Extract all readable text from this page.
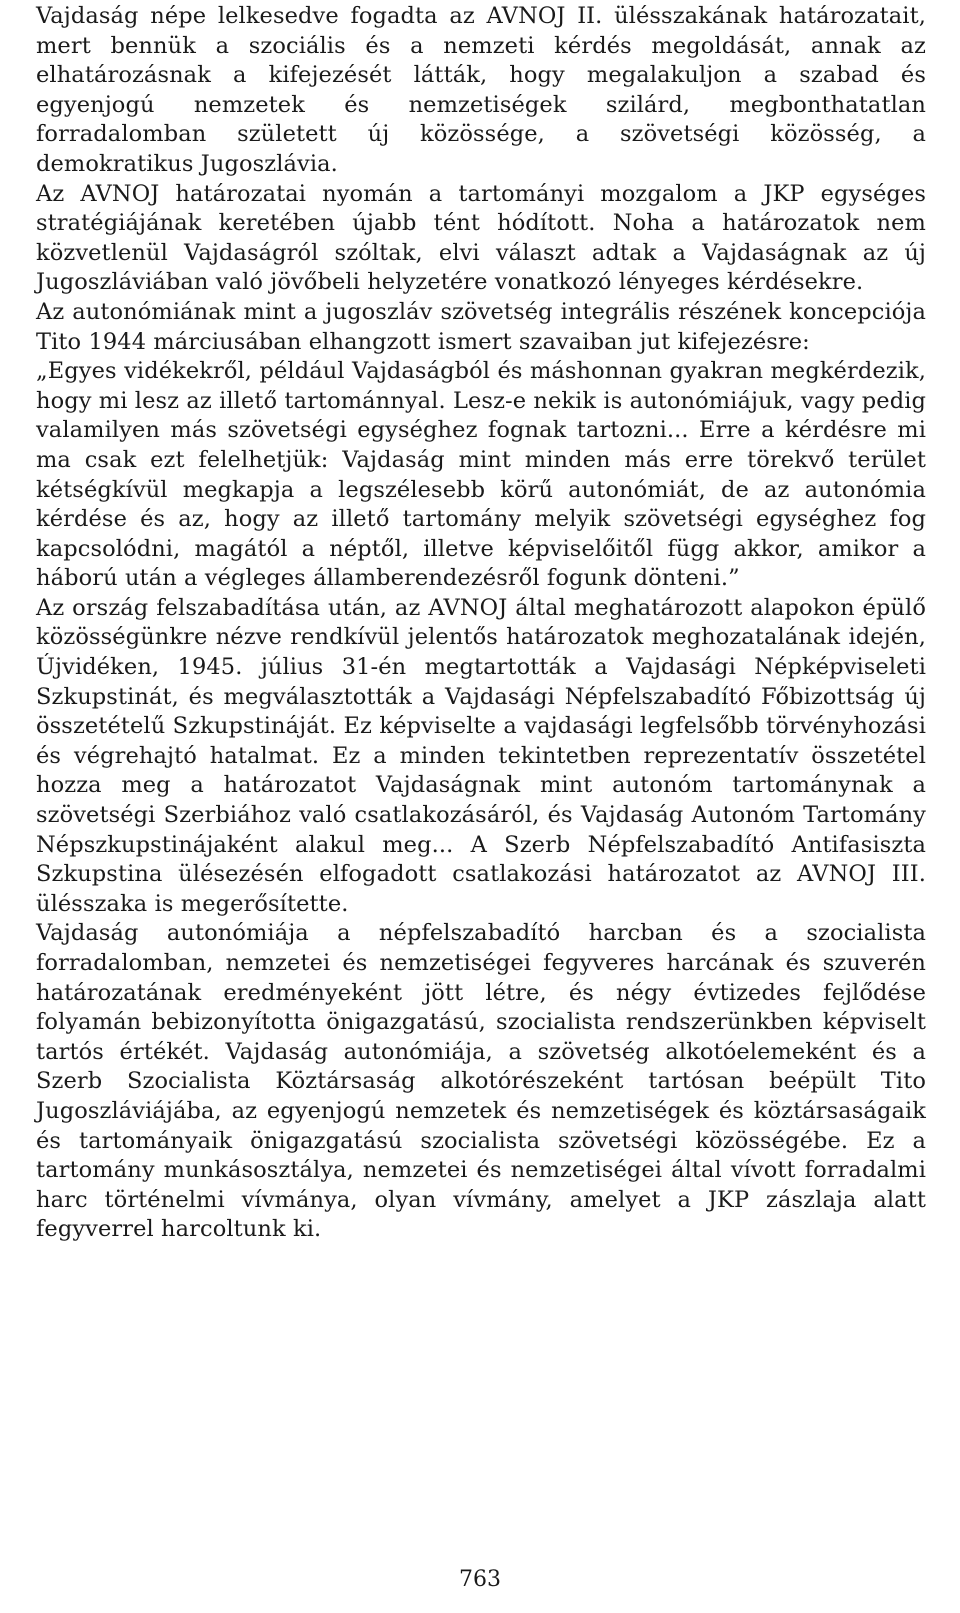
Vajdaság népe lelkesedve fogadta az AVNOJ II. ülésszakának határozatait, mert bennük a szociális és a nemzeti kérdés megoldását, annak az elhatározásnak a kifejezését látták, hogy megalakuljon a szabad és egyenjogú nemzetek és nemzetiségek szilárd, megbonthatatlan forradalomban született új közössége, a szövetségi közösség, a demokratikus Jugoszlávia.

Az AVNOJ határozatai nyomán a tartományi mozgalom a JKP egységes stratégiájának keretében újabb tént hódított. Noha a határozatok nem közvetlenül Vajdaságról szóltak, elvi választ adtak a Vajdaságnak az új Jugoszláviában való jövőbeli helyzetére vonatkozó lényeges kérdésekre.

Az autonómiának mint a jugoszláv szövetség integrális részének koncepciója Tito 1944 márciusában elhangzott ismert szavaiban jut kifejezésre:

„Egyes vidékekről, például Vajdaságból és máshonnan gyakran megkérdezik, hogy mi lesz az illető tartománnyal. Lesz-e nekik is autonómiájuk, vagy pedig valamilyen más szövetségi egységhez fognak tartozni... Erre a kérdésre mi ma csak ezt felelhetjük: Vajdaság mint minden más erre törekvő terület kétségkívül megkapja a legszélesebb körű autonómiát, de az autonómia kérdése és az, hogy az illető tartomány melyik szövetségi egységhez fog kapcsolódni, magától a néptől, illetve képviselőitől függ akkor, amikor a háború után a végleges államberendezésről fogunk dönteni.”

Az ország felszabadítása után, az AVNOJ által meghatározott alapokon épülő közösségünkre nézve rendkívül jelentős határozatok meghozatalának idején, Újvidéken, 1945. július 31-én megtartották a Vajdasági Népképviseleti Szkupstinát, és megválasztották a Vajdasági Népfelszabadító Főbizottság új összetételű Szkupstináját. Ez képviselte a vajdasági legfelsőbb törvényhozási és végrehajtó hatalmat. Ez a minden tekintetben reprezentatív összetétel hozza meg a határozatot Vajdaságnak mint autonóm tartománynak a szövetségi Szerbiához való csatlakozásáról, és Vajdaság Autonóm Tartomány Népszkupstinájaként alakul meg... A Szerb Népfelszabadító Antifasiszta Szkupstina ülésezésén elfogadott csatlakozási határozatot az AVNOJ III. ülésszaka is megerősítette.

Vajdaság autonómiája a népfelszabadító harcban és a szocialista forradalomban, nemzetei és nemzetiségei fegyveres harcának és szuverén határozatának eredményeként jött létre, és négy évtizedes fejlődése folyamán bebizonyította önigazgatású, szocialista rendszerünkben képviselt tartós értékét. Vajdaság autonómiája, a szövetség alkotóelemeként és a Szerb Szocialista Köztársaság alkotórészeként tartósan beépült Tito Jugoszláviájába, az egyenjogú nemzetek és nemzetiségek és köztársaságaik és tartományaik önigazgatású szocialista szövetségi közösségébe. Ez a tartomány munkásosztálya, nemzetei és nemzetiségei által vívott forradalmi harc történelmi vívmánya, olyan vívmány, amelyet a JKP zászlaja alatt fegyverrel harcoltunk ki.

763
